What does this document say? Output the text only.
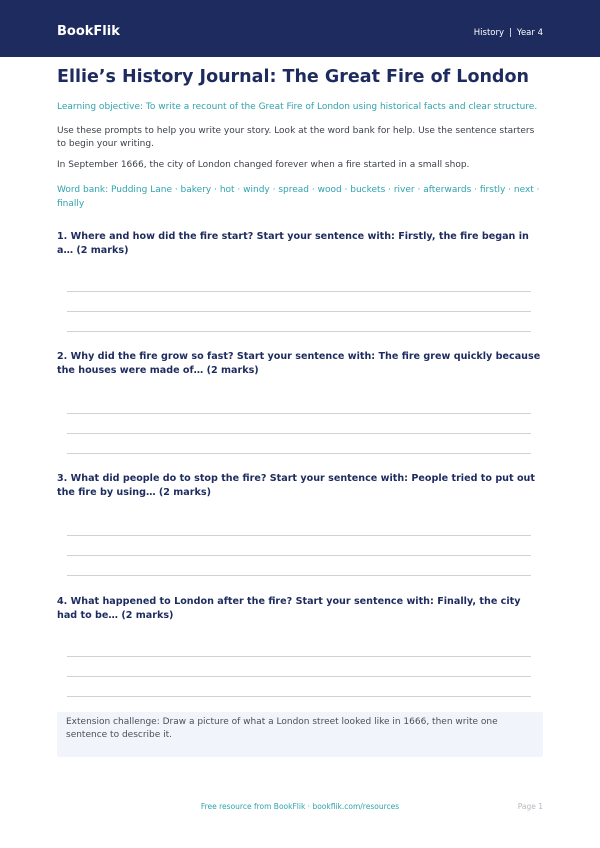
BookFlik	History | Year 4
Ellie’s History Journal: The Great Fire of London

Learning objective: To write a recount of the Great Fire of London using historical facts and clear structure.

Use these prompts to help you write your story. Look at the word bank for help. Use the sentence starters to begin your writing.

In September 1666, the city of London changed forever when a fire started in a small shop.

Word bank: Pudding Lane · bakery · hot · windy · spread · wood · buckets · river · afterwards · firstly · next · finally

1. Where and how did the fire start? Start your sentence with: Firstly, the fire began in a… (2 marks)

2. Why did the fire grow so fast? Start your sentence with: The fire grew quickly because the houses were made of… (2 marks)

3. What did people do to stop the fire? Start your sentence with: People tried to put out the fire by using… (2 marks)

4. What happened to London after the fire? Start your sentence with: Finally, the city had to be… (2 marks)

Extension challenge: Draw a picture of what a London street looked like in 1666, then write one sentence to describe it.

Free resource from BookFlik · bookflik.com/resources	Page 1
